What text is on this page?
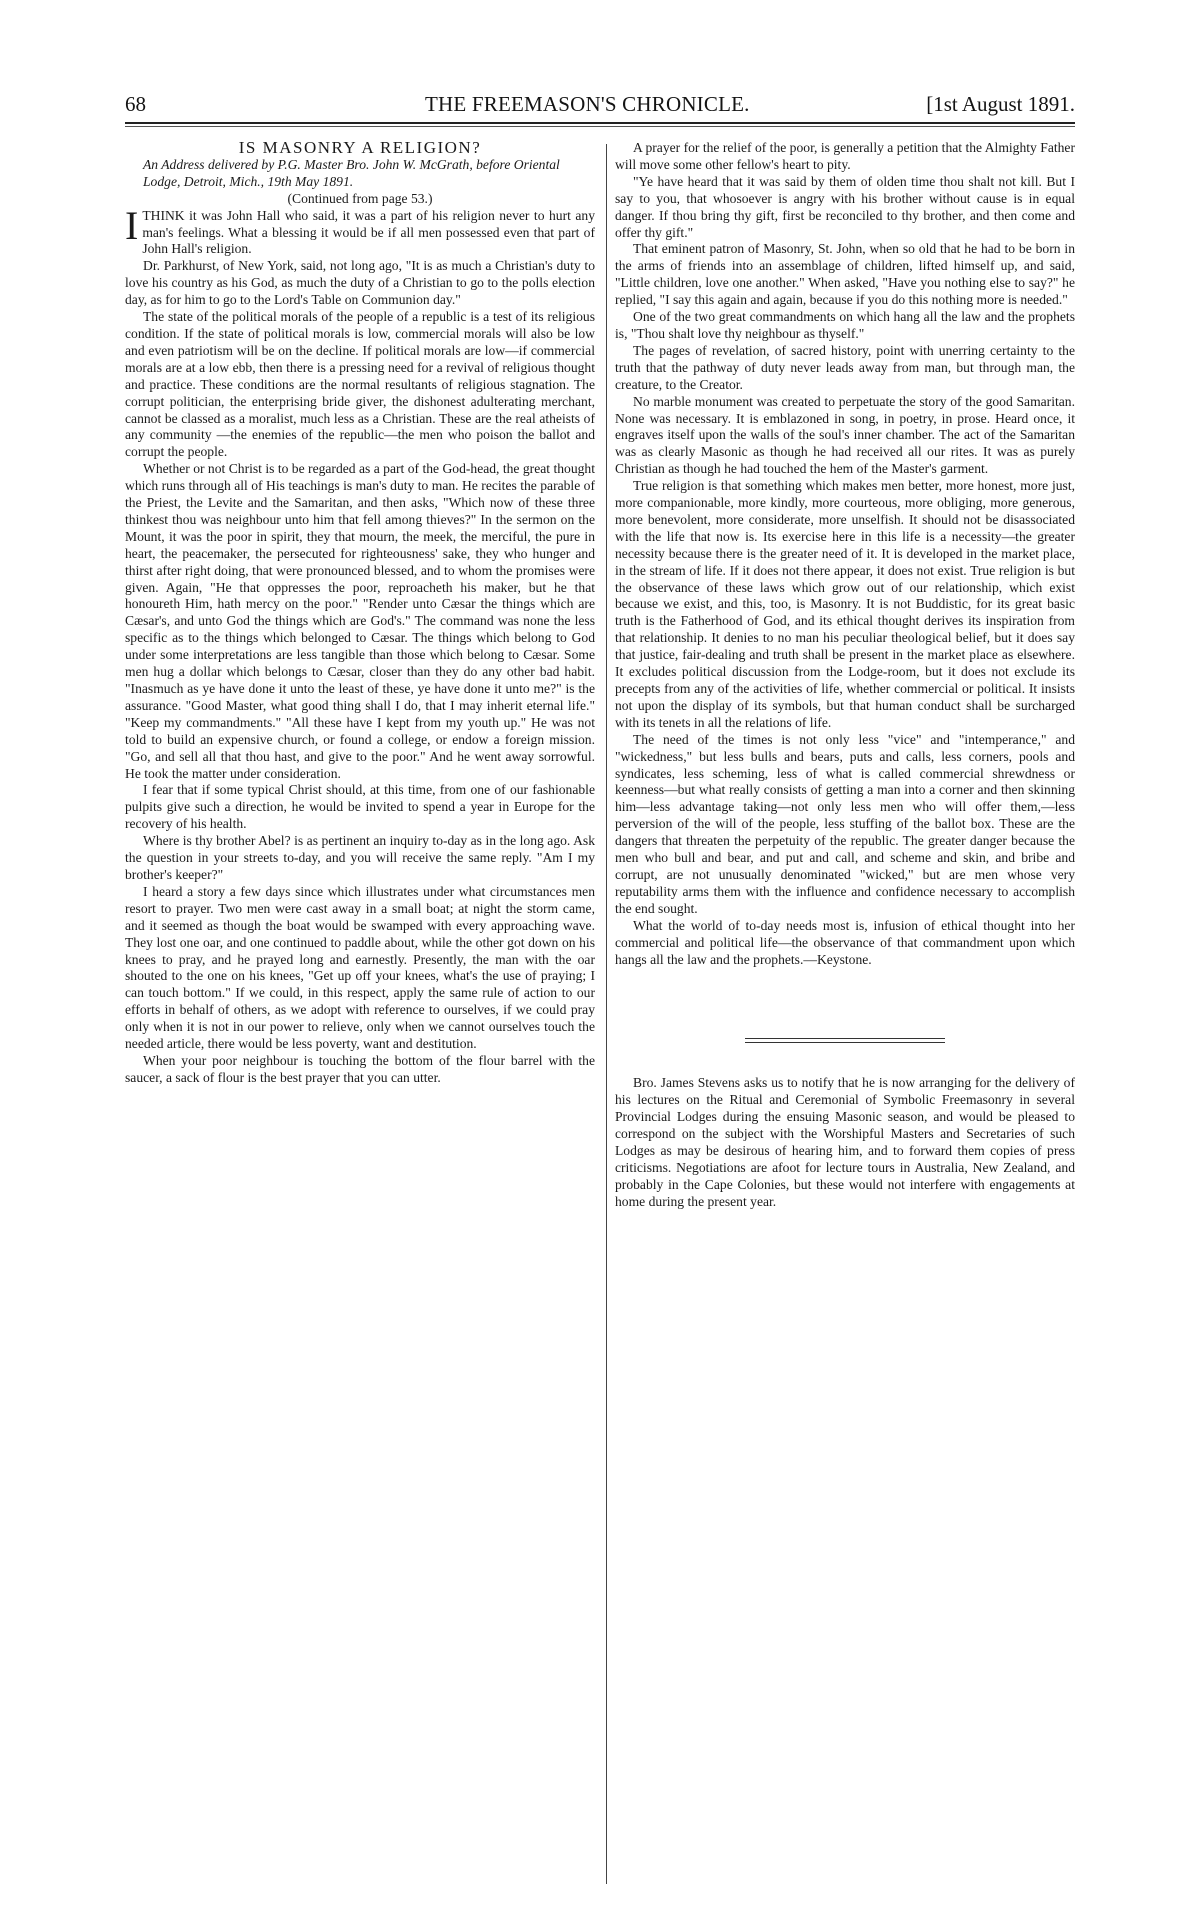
68	THE FREEMASON'S CHRONICLE.	[1st August 1891.

IS MASONRY A RELIGION?

An Address delivered by P.G. Master Bro. John W. McGrath, before Oriental Lodge, Detroit, Mich., 19th May 1891.

(Continued from page 53.)

ITHINK it was John Hall who said, it was a part of his religion never to hurt any man's feelings. What a blessing it would be if all men possessed even that part of John Hall's religion.

Dr. Parkhurst, of New York, said, not long ago, "It is as much a Christian's duty to love his country as his God, as much the duty of a Christian to go to the polls election day, as for him to go to the Lord's Table on Communion day."

The state of the political morals of the people of a republic is a test of its religious condition. If the state of political morals is low, commercial morals will also be low and even patriotism will be on the decline. If political morals are low—if commercial morals are at a low ebb, then there is a pressing need for a revival of religious thought and practice. These conditions are the normal resultants of religious stagnation. The corrupt politician, the enterprising bride giver, the dishonest adulterating merchant, cannot be classed as a moralist, much less as a Christian. These are the real atheists of any community —the enemies of the republic—the men who poison the ballot and corrupt the people.

Whether or not Christ is to be regarded as a part of the God-head, the great thought which runs through all of His teachings is man's duty to man. He recites the parable of the Priest, the Levite and the Samaritan, and then asks, "Which now of these three thinkest thou was neighbour unto him that fell among thieves?" In the sermon on the Mount, it was the poor in spirit, they that mourn, the meek, the merciful, the pure in heart, the peacemaker, the persecuted for righteousness' sake, they who hunger and thirst after right doing, that were pronounced blessed, and to whom the promises were given. Again, "He that oppresses the poor, reproacheth his maker, but he that honoureth Him, hath mercy on the poor." "Render unto Cæsar the things which are Cæsar's, and unto God the things which are God's." The command was none the less specific as to the things which belonged to Cæsar. The things which belong to God under some interpretations are less tangible than those which belong to Cæsar. Some men hug a dollar which belongs to Cæsar, closer than they do any other bad habit. "Inasmuch as ye have done it unto the least of these, ye have done it unto me?" is the assurance. "Good Master, what good thing shall I do, that I may inherit eternal life." "Keep my commandments." "All these have I kept from my youth up." He was not told to build an expensive church, or found a college, or endow a foreign mission. "Go, and sell all that thou hast, and give to the poor." And he went away sorrowful. He took the matter under consideration.

I fear that if some typical Christ should, at this time, from one of our fashionable pulpits give such a direction, he would be invited to spend a year in Europe for the recovery of his health.

Where is thy brother Abel? is as pertinent an inquiry to-day as in the long ago. Ask the question in your streets to-day, and you will receive the same reply. "Am I my brother's keeper?"

I heard a story a few days since which illustrates under what circumstances men resort to prayer. Two men were cast away in a small boat; at night the storm came, and it seemed as though the boat would be swamped with every approaching wave. They lost one oar, and one continued to paddle about, while the other got down on his knees to pray, and he prayed long and earnestly. Presently, the man with the oar shouted to the one on his knees, "Get up off your knees, what's the use of praying; I can touch bottom." If we could, in this respect, apply the same rule of action to our efforts in behalf of others, as we adopt with reference to ourselves, if we could pray only when it is not in our power to relieve, only when we cannot ourselves touch the needed article, there would be less poverty, want and destitution.

When your poor neighbour is touching the bottom of the flour barrel with the saucer, a sack of flour is the best prayer that you can utter.

A prayer for the relief of the poor, is generally a petition that the Almighty Father will move some other fellow's heart to pity.

"Ye have heard that it was said by them of olden time thou shalt not kill. But I say to you, that whosoever is angry with his brother without cause is in equal danger. If thou bring thy gift, first be reconciled to thy brother, and then come and offer thy gift."

That eminent patron of Masonry, St. John, when so old that he had to be born in the arms of friends into an assemblage of children, lifted himself up, and said, "Little children, love one another." When asked, "Have you nothing else to say?" he replied, "I say this again and again, because if you do this nothing more is needed."

One of the two great commandments on which hang all the law and the prophets is, "Thou shalt love thy neighbour as thyself."

The pages of revelation, of sacred history, point with unerring certainty to the truth that the pathway of duty never leads away from man, but through man, the creature, to the Creator.

No marble monument was created to perpetuate the story of the good Samaritan. None was necessary. It is emblazoned in song, in poetry, in prose. Heard once, it engraves itself upon the walls of the soul's inner chamber. The act of the Samaritan was as clearly Masonic as though he had received all our rites. It was as purely Christian as though he had touched the hem of the Master's garment.

True religion is that something which makes men better, more honest, more just, more companionable, more kindly, more courteous, more obliging, more generous, more benevolent, more considerate, more unselfish. It should not be disassociated with the life that now is. Its exercise here in this life is a necessity—the greater necessity because there is the greater need of it. It is developed in the market place, in the stream of life. If it does not there appear, it does not exist. True religion is but the observance of these laws which grow out of our relationship, which exist because we exist, and this, too, is Masonry. It is not Buddistic, for its great basic truth is the Fatherhood of God, and its ethical thought derives its inspiration from that relationship. It denies to no man his peculiar theological belief, but it does say that justice, fair-dealing and truth shall be present in the market place as elsewhere. It excludes political discussion from the Lodge-room, but it does not exclude its precepts from any of the activities of life, whether commercial or political. It insists not upon the display of its symbols, but that human conduct shall be surcharged with its tenets in all the relations of life.

The need of the times is not only less "vice" and "intemperance," and "wickedness," but less bulls and bears, puts and calls, less corners, pools and syndicates, less scheming, less of what is called commercial shrewdness or keenness—but what really consists of getting a man into a corner and then skinning him—less advantage taking—not only less men who will offer them,—less perversion of the will of the people, less stuffing of the ballot box. These are the dangers that threaten the perpetuity of the republic. The greater danger because the men who bull and bear, and put and call, and scheme and skin, and bribe and corrupt, are not unusually denominated "wicked," but are men whose very reputability arms them with the influence and confidence necessary to accomplish the end sought.

What the world of to-day needs most is, infusion of ethical thought into her commercial and political life—the observance of that commandment upon which hangs all the law and the prophets.—Keystone.

Bro. James Stevens asks us to notify that he is now arranging for the delivery of his lectures on the Ritual and Ceremonial of Symbolic Freemasonry in several Provincial Lodges during the ensuing Masonic season, and would be pleased to correspond on the subject with the Worshipful Masters and Secretaries of such Lodges as may be desirous of hearing him, and to forward them copies of press criticisms. Negotiations are afoot for lecture tours in Australia, New Zealand, and probably in the Cape Colonies, but these would not interfere with engagements at home during the present year.
